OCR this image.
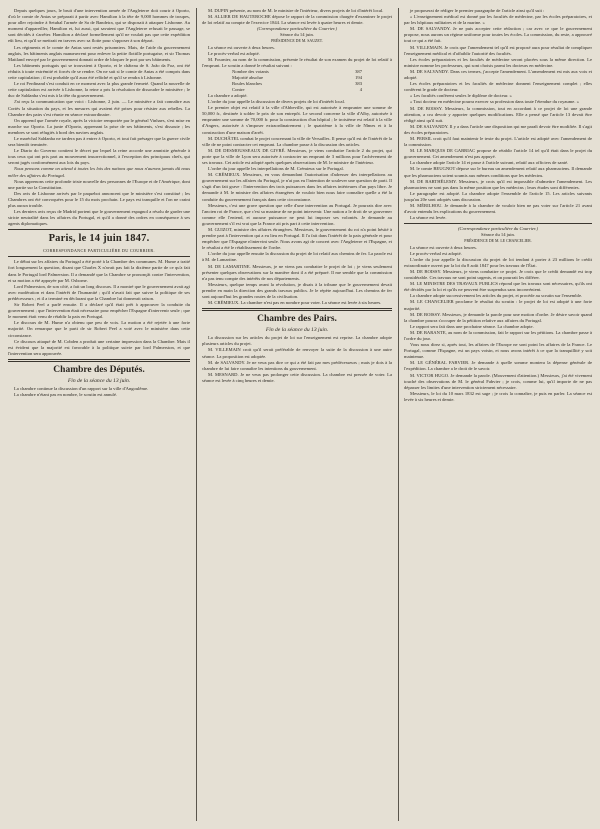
Depuis quelques jours, le bruit d'une intervention armée de l'Angleterre doit courir à Oporto, d'où le comte de Antas se préparait à partir avec Hamilton à la tête de 9,000 hommes de troupes, pour aller rejoindre à Setubal l'armée de Sa de Bandeira, qui se disposait à attaquer Lisbonne. Au moment d'appareiller, Hamilton et, lui aussi, qui savaient que l'Angleterre refusait le passage, se sont décidés à s'arrêter. Hamilton a déclaré formellement qu'il ne voulait pas que cette expédition eût lieu, et qu'il se mettrait en travers avec sa flotte pour s'opposer à son départ.

Les régiments et le comte de Antas sont restés prisonniers. Mais, de l'aide du gouvernement anglais, les bâtiments anglais manœuvrent pour enlever la petite flottille portugaise, et sir Thomas Maitland envoyé par le gouvernement donnait ordre de bloquer le port par ses bâtiments.

Les bâtiments portugais qui se trouvaient à Oporto, et le château de S. Joâo da Foz, ont été réduits à toute extrémité et forcés de se rendre. On ne sait si le comte de Antas a été compris dans cette capitulation ; il est probable qu'il aura été relâché et qu'il se rendra à Lisbonne.

Le roi Ferdinand s'est conduit en ce moment avec la plus grande fermeté. Quand la nouvelle de cette capitulation est arrivée à Lisbonne, la reine a pris la résolution de dissoudre le ministère ; le duc de Saldanha s'est mis à la tête du gouvernement.

J'ai reçu la communication que voici : Lisbonne, 2 juin. — Le ministère a fait connaître aux Cortès la situation du pays, et les mesures qui avaient été prises pour résister aux rebelles. La Chambre des pairs s'est réunie en séance extraordinaire.

On apprend que l'armée royale, après la victoire remportée par le général Vinhaes, s'est mise en marche sur Oporto. La junte d'Oporto, apprenant la prise de ses bâtiments, s'est dissoute ; les membres se sont réfugiés à bord des navires anglais.

Le maréchal Saldanha ne tardera pas à entrer à Oporto, et tout fait présager que la guerre civile sera bientôt terminée.

Le Diario do Governo contient le décret par lequel la reine accorde une amnistie générale à tous ceux qui ont pris part au mouvement insurrectionnel, à l'exception des principaux chefs, qui seront jugés conformément aux lois du pays.

Nous pensons comme on attend à toutes les lois des nations que nous n'aurons jamais dû nous mêler des affaires du Portugal.

Nous apprenons cette profonde triste nouvelle des personnes de l'Europe et de l'Amérique, dont une partie sur la Constitution.

Des avis de Lisbonne arrivés par le paquebot annoncent que le ministère s'est constitué ; les Chambres ont été convoquées pour le 15 du mois prochain. Le pays est tranquille et l'on ne craint plus aucun trouble.

Les derniers avis reçus de Madrid portent que le gouvernement espagnol a résolu de garder une stricte neutralité dans les affaires du Portugal, et qu'il a donné des ordres en conséquence à ses agents diplomatiques.

Paris, le 14 juin 1847.
CORRESPONDANCE PARTICULIÈRE DU COURRIER.

Le débat sur les affaires du Portugal a été porté à la Chambre des communes. M. Hume a traité fort longuement la question, disant que Charles X n'avait pas fait la dixième partie de ce qu'a fait dans le Portugal lord Palmerston. Il a demandé que la Chambre se prononçât contre l'intervention, et sa motion a été appuyée par M. Osborne.

Lord Palmerston, de son côté, a fait un long discours. Il a montré que le gouvernement avait agi avec modération et dans l'intérêt de l'humanité ; qu'il n'avait fait que suivre la politique de ses prédécesseurs ; et il a terminé en déclarant que la Chambre lui donnerait raison.

Sir Robert Peel a parlé ensuite. Il a déclaré qu'il était prêt à approuver la conduite du gouvernement ; que l'intervention était nécessaire pour empêcher l'Espagne d'intervenir seule ; que le moment était venu de rétablir la paix en Portugal.

Le discours de M. Hume n'a obtenu que peu de voix. La motion a été rejetée à une forte majorité. On remarque que le parti de sir Robert Peel a voté avec le ministère dans cette circonstance.

Ce discours attaqué de M. Cobden a produit une certaine impression dans la Chambre. Mais il est évident que la majorité est favorable à la politique suivie par lord Palmerston, et que l'intervention sera approuvée.

Chambre des Députés.
Fin de la séance du 13 juin.

La chambre continue la discussion d'un rapport sur la ville d'Angoulême.

La chambre n'étant pas en nombre, le scrutin est annulé.

M. DUPIN présente, au nom de M. le ministre de l'intérieur, divers projets de loi d'intérêt local.

M. ALLIER DE HAUTEROCHE dépose le rapport de la commission chargée d'examiner le projet de loi relatif au compte de l'exercice 1844. La séance est levée à quatre heures et demie.

(Correspondance particulière du Courrier.)
Séance du 14 juin.
PRÉSIDENCE DE M. SAUZET.

La séance est ouverte à deux heures.

Le procès-verbal est adopté.

M. Fournier, au nom de la commission, présente le résultat de son examen du projet de loi relatif à l'emprunt. Le scrutin a donné le résultat suivant :

Nombre des votants	387
Majorité absolue	194
Boules blanches	383
Contre	4

La chambre a adopté.

L'ordre du jour appelle la discussion de divers projets de loi d'intérêt local.

Le premier objet est relatif à la ville d'Abbeville, qui est autorisée à emprunter une somme de 50,000 fr., destinée à solder le prix de son entrepôt. Le second concerne la ville d'Alby, autorisée à emprunter une somme de 70,000 fr. pour la construction d'un hôpital ; le troisième est relatif à la ville d'Angers, autorisée à s'imposer extraordinairement ; le quatrième à la ville de Nîmes et à la construction d'une maison d'arrêt.

M. DUCHÂTEL combat le projet concernant la ville de Versailles. Il pense qu'il est de l'intérêt de la ville de ne point contracter cet emprunt. La chambre passe à la discussion des articles.

M. DE DESMOUSSEAUX DE GIVRÉ. Messieurs, je viens combattre l'article 2 du projet, qui porte que la ville de Lyon sera autorisée à contracter un emprunt de 3 millions pour l'achèvement de ses travaux. Cet article est adopté après quelques observations de M. le ministre de l'intérieur.

L'ordre du jour appelle les interpellations de M. Crémieux sur le Portugal.

M. CRÉMIEUX. Messieurs, en vous demandant l'autorisation d'adresser des interpellations au gouvernement sur les affaires du Portugal, je n'ai pas eu l'intention de soulever une question de parti. Il s'agit d'un fait grave : l'intervention des trois puissances dans les affaires intérieures d'un pays libre. Je demande à M. le ministre des affaires étrangères de vouloir bien nous faire connaître quelle a été la conduite du gouvernement français dans cette circonstance.

Messieurs, c'est une grave question que celle d'une intervention au Portugal. Je pourrais dire avec l'ancien roi de France, que c'est sa maxime de ne point intervenir. Une nation a le droit de se gouverner comme elle l'entend, et aucune puissance ne peut lui imposer ses volontés. Je demande au gouvernement s'il est vrai que la France ait pris part à cette intervention.

M. GUIZOT, ministre des affaires étrangères. Messieurs, le gouvernement du roi n'a point hésité à prendre part à l'intervention qui a eu lieu en Portugal. Il l'a fait dans l'intérêt de la paix générale et pour empêcher que l'Espagne n'intervint seule. Nous avons agi de concert avec l'Angleterre et l'Espagne, et le résultat a été le rétablissement de l'ordre.

L'ordre du jour appelle ensuite la discussion du projet de loi relatif aux chemins de fer. La parole est à M. de Lamartine.

M. DE LAMARTINE. Messieurs, je ne viens pas combattre le projet de loi ; je viens seulement présenter quelques observations sur la manière dont il a été préparé. Il me semble que la commission n'a pas tenu compte des intérêts de nos départements.

Messieurs, quelque temps avant la révolution, je disais à la tribune que le gouvernement devait prendre en main la direction des grands travaux publics. Je le répète aujourd'hui. Les chemins de fer sont aujourd'hui les grandes routes de la civilisation.

M. CRÉMIEUX. La chambre n'est pas en nombre pour voter. La séance est levée à six heures.

Chambre des Pairs.
Fin de la séance du 13 juin.

La discussion sur les articles du projet de loi sur l'enseignement est reprise. La chambre adopte plusieurs articles du projet.

M. VILLEMAIN croit qu'il serait préférable de renvoyer la suite de la discussion à une autre séance. La proposition est adoptée.

M. de SALVANDY. Je ne veux pas dire ce qui a été fait par mes prédécesseurs ; mais je dois à la chambre de lui faire connaître les intentions du gouvernement.

M. MESNARD. Je ne veux pas prolonger cette discussion. La chambre est pressée de voter. La séance est levée à cinq heures et demie.

je proposerai de rédiger le premier paragraphe de l'article ainsi qu'il suit :

« L'enseignement médical est donné par les facultés de médecine, par les écoles préparatoires, et par les hôpitaux militaires et de la marine. »

M. DE SALVANDY. Je ne puis accepter cette rédaction ; car avec ce que le gouvernement propose, nous aurons un régime uniforme pour toutes les écoles. La commission, du reste, a approuvé tout ce qui a été fait.

M. VILLEMAIN. Je crois que l'amendement tel qu'il est proposé aura pour résultat de compliquer l'enseignement médical et d'affaiblir l'autorité des facultés.

Les écoles préparatoires et les facultés de médecine seront placées sous la même direction. Le ministre nomme les professeurs, qui sont choisis parmi les docteurs en médecine.

M. DE SALVANDY. Dans ces termes, j'accepte l'amendement. L'amendement est mis aux voix et adopté.

Les écoles préparatoires et les facultés de médecine donnent l'enseignement complet ; elles confèrent le grade de docteur.

« Les facultés confèrent seules le diplôme de docteur. »

« Tout docteur en médecine pourra exercer sa profession dans toute l'étendue du royaume. »

M. DE BOISSY. Messieurs, la commission, tout en accordant à ce projet de loi une grande attention, a cru devoir y apporter quelques modifications. Elle a pensé que l'article 13 devait être rédigé ainsi qu'il suit.

M. DE SALVANDY. Il y a dans l'article une disposition qui me paraît devoir être modifiée. Il s'agit des écoles préparatoires.

M. PERSIL croit qu'il faut maintenir le texte du projet. L'article est adopté avec l'amendement de la commission.

M. LE MARQUIS DE GABRIAC propose de rétablir l'article 14 tel qu'il était dans le projet du gouvernement. Cet amendement n'est pas appuyé.

La chambre adopte l'article 14 et passe à l'article suivant, relatif aux officiers de santé.

M. le comte BEUGNOT dépose sur le bureau un amendement relatif aux pharmaciens. Il demande que les pharmaciens soient soumis aux mêmes conditions que les médecins.

M. DE BARTHÉLEMY. Messieurs, je crois qu'il est impossible d'admettre l'amendement. Les pharmaciens ne sont pas dans la même position que les médecins ; leurs études sont différentes.

Le paragraphe est adopté. La chambre adopte l'ensemble de l'article 15. Les articles suivants jusqu'au 20e sont adoptés sans discussion.

M. MÉRILHOU. Je demande à la chambre de vouloir bien ne pas voter sur l'article 21 avant d'avoir entendu les explications du gouvernement.

La séance est levée.

(Correspondance particulière du Courrier.)
Séance du 14 juin.
PRÉSIDENCE DE M. LE CHANCELIER.

La séance est ouverte à deux heures.

Le procès-verbal est adopté.

L'ordre du jour appelle la discussion du projet de loi tendant à porter à 23 millions le crédit extraordinaire ouvert par la loi du 8 août 1847 pour les travaux de l'État.

M. DE BOISSY. Messieurs, je viens combattre ce projet. Je crois que le crédit demandé est trop considérable. Ces travaux ne sont point urgents, et on pourrait les différer.

M. LE MINISTRE DES TRAVAUX PUBLICS répond que les travaux sont nécessaires, qu'ils ont été décidés par la loi et qu'ils ne peuvent être suspendus sans inconvénient.

La chambre adopte successivement les articles du projet, et procède au scrutin sur l'ensemble.

M. LE CHANCELIER proclame le résultat du scrutin : le projet de loi est adopté à une forte majorité.

M. DE BOISSY. Messieurs, je demande la parole pour une motion d'ordre. Je désire savoir quand la chambre pourra s'occuper de la pétition relative aux affaires du Portugal.

Le rapport sera fait dans une prochaine séance. La chambre adopte.

M. DE BARANTE, au nom de la commission, fait le rapport sur les pétitions. La chambre passe à l'ordre du jour.

Vous nous direz si, après tout, les affaires de l'Europe ne sont point les affaires de la France. Le Portugal, comme l'Espagne, est un pays voisin, et nous avons intérêt à ce que la tranquillité y soit maintenue.

M. LE GÉNÉRAL FABVIER. Je demande à quelle somme montera la dépense générale de l'expédition. La chambre a le droit de le savoir.

M. VICTOR HUGO. Je demande la parole. (Mouvement d'attention.) Messieurs, j'ai été vivement touché des observations de M. le général Fabvier ; je crois, comme lui, qu'il importe de ne pas dépasser les limites d'une intervention strictement nécessaire.

Messieurs, le loi du 10 mars 1832 est sage ; je crois la connaître, je puis en parler. La séance est levée à six heures et demie.
